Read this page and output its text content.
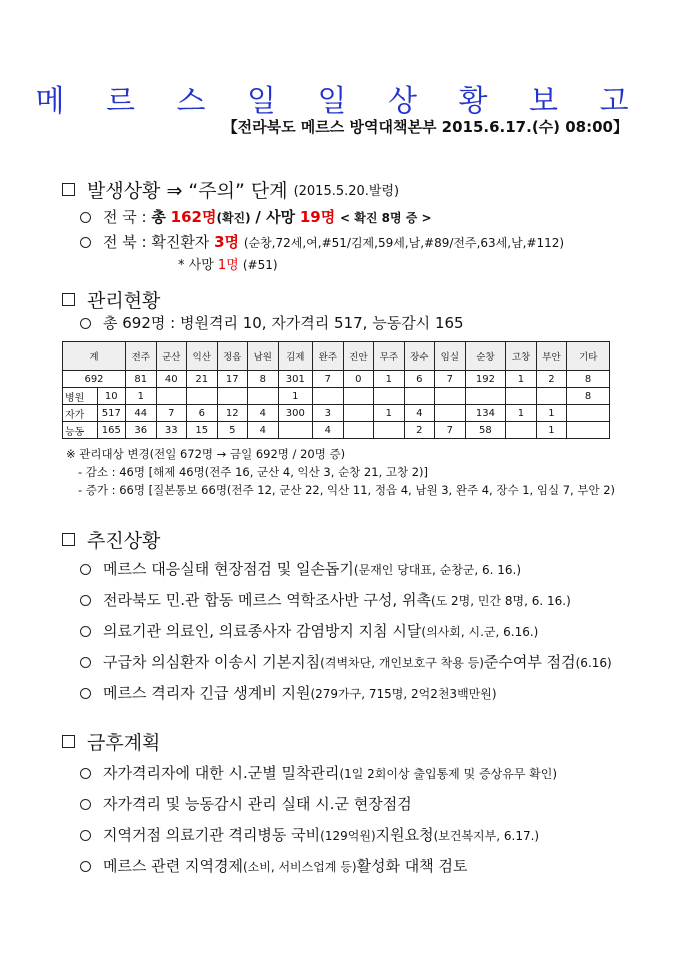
메 르 스 일 일 상 황 보 고
【전라북도 메르스 방역대책본부 2015.6.17.(수) 08:00】
발생상황 ⇒ “주의” 단계 (2015.5.20.발령)
전 국 :
총
162명 (확진)
/ 사망
19명
< 확진 8명 증 >
전 북 : 확진환자
3명
(순창,72세,여,#51/김제,59세,남,#89/전주,63세,남,#112)
* 사망
1명
(#51)
관리현황
총 692명 : 병원격리 10, 자가격리 517, 능동감시 165
계		전주	군산	익산	정읍	남원	김제	완주	진안	무주	장수	임실	순창	고창	부안	기타
692		81	40	21	17	8	301	7	0	1	6	7	192	1	2	8
병원	10	1					1									8
자가	517	44	7	6	12	4	300	3		1	4		134	1	1	
능동	165	36	33	15	5	4		4			2	7	58		1	
※ 관리대상 변경(전일 672명 → 금일 692명 / 20명 증)
- 감소 : 46명 [해제 46명(전주 16, 군산 4, 익산 3, 순창 21, 고창 2)]
- 증가 : 66명 [질본통보 66명(전주 12, 군산 22, 익산 11, 정읍 4, 남원 3, 완주 4, 장수 1, 임실 7, 부안 2)
추진상황
메르스 대응실태 현장점검 및 일손돕기 (문재인 당대표, 순창군, 6. 16.)
전라북도 민.관 합동 메르스 역학조사반 구성, 위촉 (도 2명, 민간 8명, 6. 16.)
의료기관 의료인, 의료종사자 감염방지 지침 시달 (의사회, 시.군, 6.16.)
구급차 의심환자 이송시 기본지침 (격벽차단, 개인보호구 착용 등) 준수여부 점검 (6.16)
메르스 격리자 긴급 생계비 지원 (279가구, 715명, 2억2천3백만원)
금후계획
자가격리자에 대한 시.군별 밀착관리 (1일 2회이상 출입통제 및 증상유무 확인)
자가격리 및 능동감시 관리 실태 시.군 현장점검
지역거점 의료기관 격리병동 국비 (129억원) 지원요청 (보건복지부, 6.17.)
메르스 관련 지역경제 (소비, 서비스업계 등) 활성화 대책 검토
